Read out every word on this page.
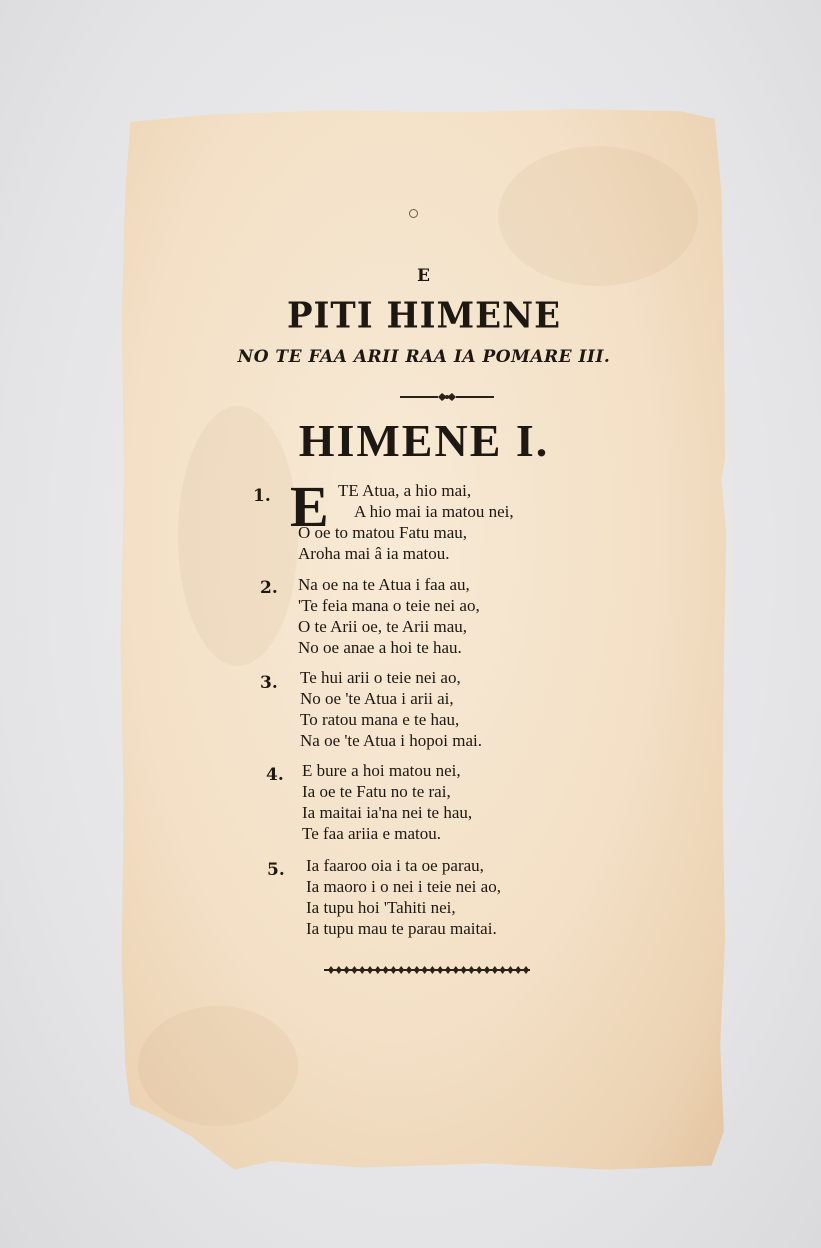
E
PITI HIMENE
NO TE FAA ARII RAA IA POMARE III.
HIMENE I.
1. E TE Atua, a hio mai,
A hio mai ia matou nei,
O oe to matou Fatu mau,
Aroha mai â ia matou.
2. Na oe na te Atua i faa au,
'Te feia mana o teie nei ao,
O te Arii oe, te Arii mau,
No oe anae a hoi te hau.
3. Te hui arii o teie nei ao,
No oe 'te Atua i arii ai,
To ratou mana e te hau,
Na oe 'te Atua i hopoi mai.
4. E bure a hoi matou nei,
Ia oe te Fatu no te rai,
Ia maitai ia'na nei te hau,
Te faa ariia e matou.
5. Ia faaroo oia i ta oe parau,
Ia maoro i o nei i teie nei ao,
Ia tupu hoi 'Tahiti nei,
Ia tupu mau te parau maitai.
